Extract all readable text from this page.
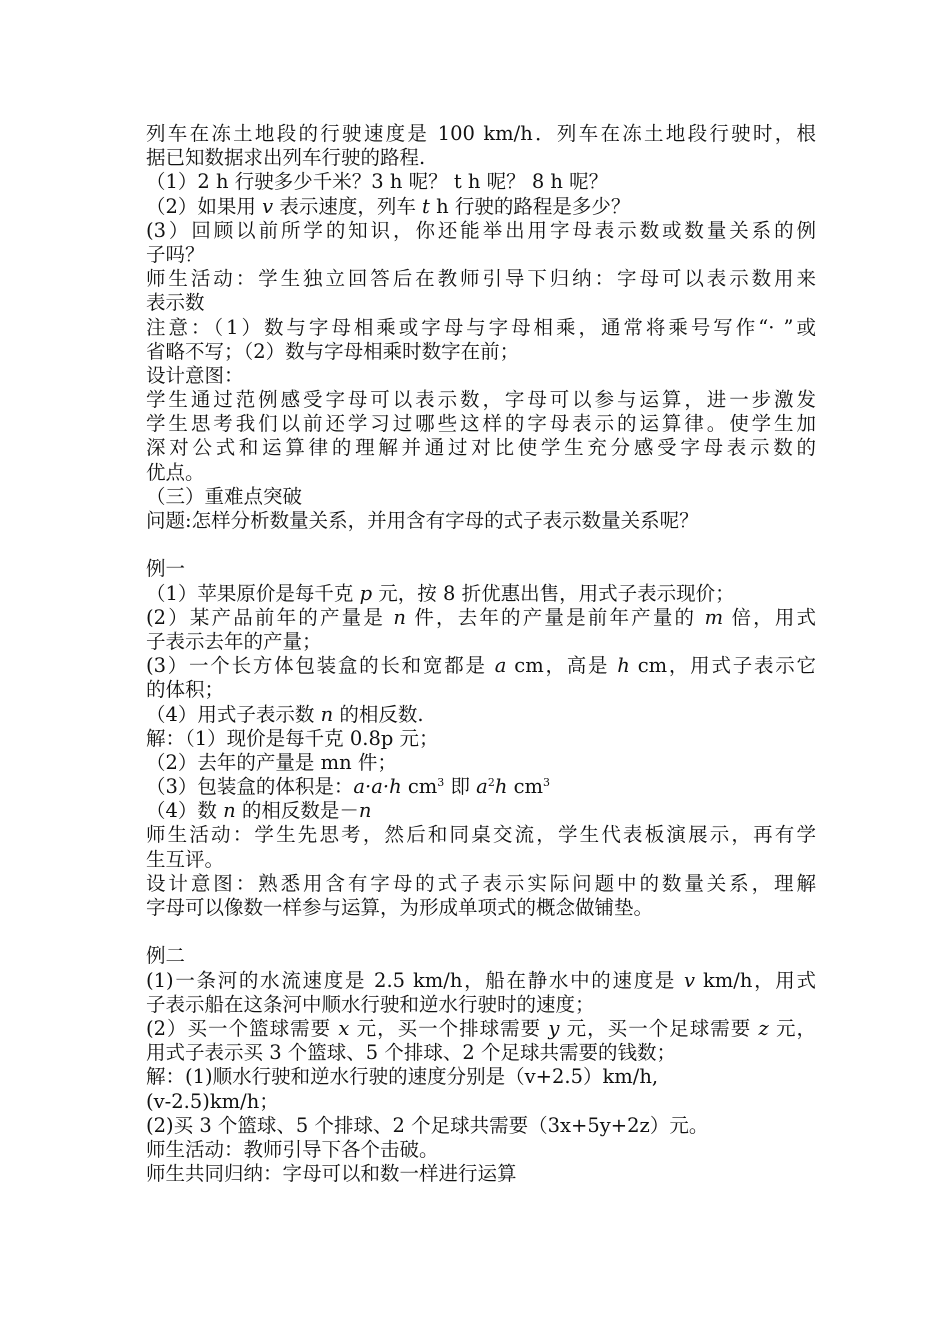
列车在冻土地段的行驶速度是 100 km/h．列车在冻土地段行驶时，根
据已知数据求出列车行驶的路程.
（1）2 h 行驶多少千米？3 h 呢？ t h 呢？ 8 h 呢？
（2）如果用 v 表示速度，列车 t h 行驶的路程是多少？
(3）回顾以前所学的知识，你还能举出用字母表示数或数量关系的例
子吗？
师生活动：学生独立回答后在教师引导下归纳：字母可以表示数用来
表示数
注意：（1）数与字母相乘或字母与字母相乘，通常将乘号写作“· ”或
省略不写；（2）数与字母相乘时数字在前；
设计意图：
学生通过范例感受字母可以表示数，字母可以参与运算，进一步激发
学生思考我们以前还学习过哪些这样的字母表示的运算律。使学生加
深对公式和运算律的理解并通过对比使学生充分感受字母表示数的
优点。
（三）重难点突破
问题:怎样分析数量关系，并用含有字母的式子表示数量关系呢？
例一
（1）苹果原价是每千克 p 元，按 8 折优惠出售，用式子表示现价；
(2）某产品前年的产量是 n 件，去年的产量是前年产量的 m 倍，用式
子表示去年的产量；
(3）一个长方体包装盒的长和宽都是 a cm，高是 h cm，用式子表示它
的体积；
（4）用式子表示数 n 的相反数.
解：（1）现价是每千克 0.8p 元；
（2）去年的产量是 mn 件；
（3）包装盒的体积是：a·a·h $cm^3$ 即 $a^2h$ $cm^3$
（4）数 n 的相反数是－n
师生活动：学生先思考，然后和同桌交流，学生代表板演展示，再有学
生互评。
设计意图：熟悉用含有字母的式子表示实际问题中的数量关系，理解
字母可以像数一样参与运算，为形成单项式的概念做铺垫。
例二
(1)一条河的水流速度是 2.5 km/h，船在静水中的速度是 v km/h，用式
子表示船在这条河中顺水行驶和逆水行驶时的速度；
(2）买一个篮球需要 x 元，买一个排球需要 y 元，买一个足球需要 z 元，
用式子表示买 3 个篮球、5 个排球、2 个足球共需要的钱数；
解：(1)顺水行驶和逆水行驶的速度分别是（v+2.5）km/h,
(v-2.5)km/h；
(2)买 3 个篮球、5 个排球、2 个足球共需要（3x+5y+2z）元。
师生活动：教师引导下各个击破。
师生共同归纳：字母可以和数一样进行运算
